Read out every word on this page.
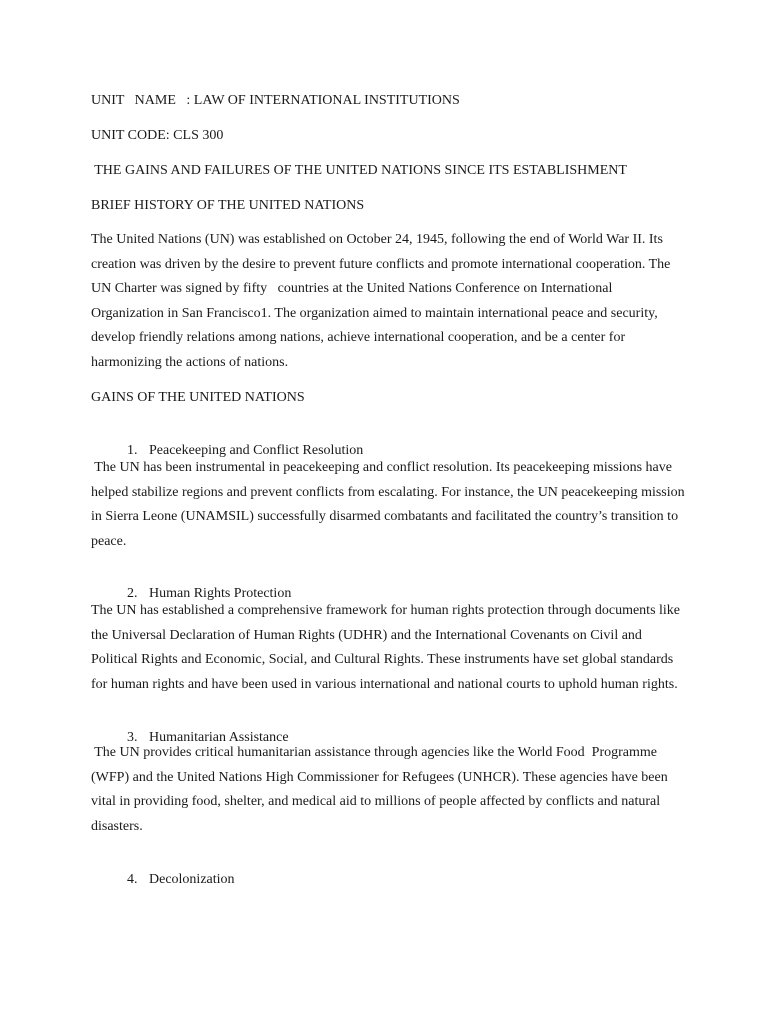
UNIT   NAME   : LAW OF INTERNATIONAL INSTITUTIONS
UNIT CODE: CLS 300
THE GAINS AND FAILURES OF THE UNITED NATIONS SINCE ITS ESTABLISHMENT
BRIEF HISTORY OF THE UNITED NATIONS
The United Nations (UN) was established on October 24, 1945, following the end of World War II. Its
creation was driven by the desire to prevent future conflicts and promote international cooperation. The
UN Charter was signed by fifty   countries at the United Nations Conference on International
Organization in San Francisco1. The organization aimed to maintain international peace and security,
develop friendly relations among nations, achieve international cooperation, and be a center for
harmonizing the actions of nations.
GAINS OF THE UNITED NATIONS

1. Peacekeeping and Conflict Resolution

The UN has been instrumental in peacekeeping and conflict resolution. Its peacekeeping missions have
helped stabilize regions and prevent conflicts from escalating. For instance, the UN peacekeeping mission
in Sierra Leone (UNAMSIL) successfully disarmed combatants and facilitated the country’s transition to
peace.

2. Human Rights Protection

The UN has established a comprehensive framework for human rights protection through documents like
the Universal Declaration of Human Rights (UDHR) and the International Covenants on Civil and
Political Rights and Economic, Social, and Cultural Rights. These instruments have set global standards
for human rights and have been used in various international and national courts to uphold human rights.

3. Humanitarian Assistance

The UN provides critical humanitarian assistance through agencies like the World Food  Programme
(WFP) and the United Nations High Commissioner for Refugees (UNHCR). These agencies have been
vital in providing food, shelter, and medical aid to millions of people affected by conflicts and natural
disasters.

4. Decolonization
